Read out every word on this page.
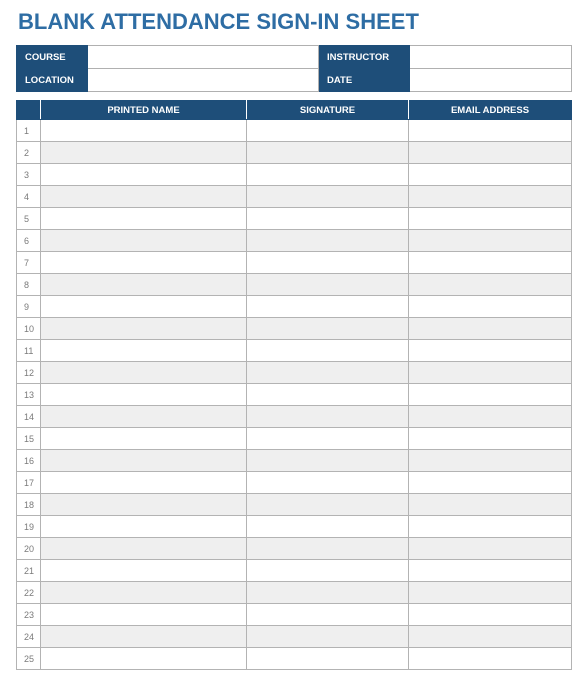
BLANK ATTENDANCE SIGN-IN SHEET
COURSE		INSTRUCTOR	
LOCATION		DATE	
	PRINTED NAME	SIGNATURE	EMAIL ADDRESS
1			
2			
3			
4			
5			
6			
7			
8			
9			
10			
11			
12			
13			
14			
15			
16			
17			
18			
19			
20			
21			
22			
23			
24			
25			
